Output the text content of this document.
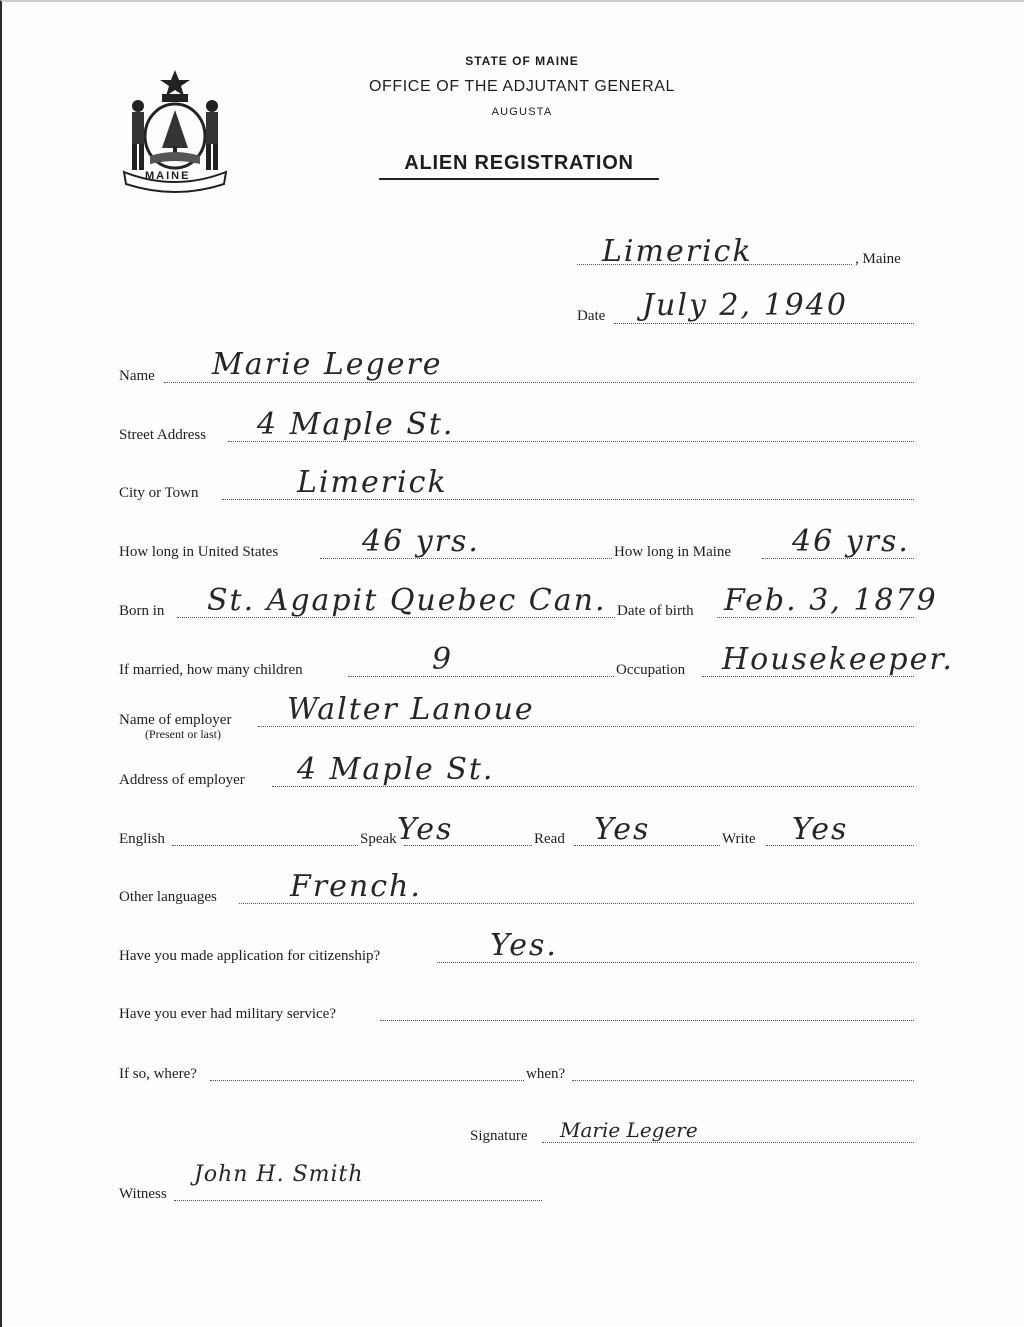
MAINE
STATE OF MAINE
OFFICE OF THE ADJUTANT GENERAL
AUGUSTA
ALIEN REGISTRATION
Limerick	, Maine
Date July 2, 1940
Name Marie Legere
Street Address 4 Maple St.
City or Town	Limerick
How long in United States	46 yrs.	How long in Maine 46 yrs.
Born in St. Agapit Quebec Can. Date of birth Feb. 3, 1879
If married, how many children	9	Occupation Housekeeper.
Name of employer
(Present or last)
Walter Lanoue
Address of employer 4 Maple St.
English	Speak Yes	Read Yes	Write Yes
Other languages French.
Have you made application for citizenship?	Yes.
Have you ever had military service?
If so, where?	when?
Signature Marie Legere
Witness
John H. Smith
